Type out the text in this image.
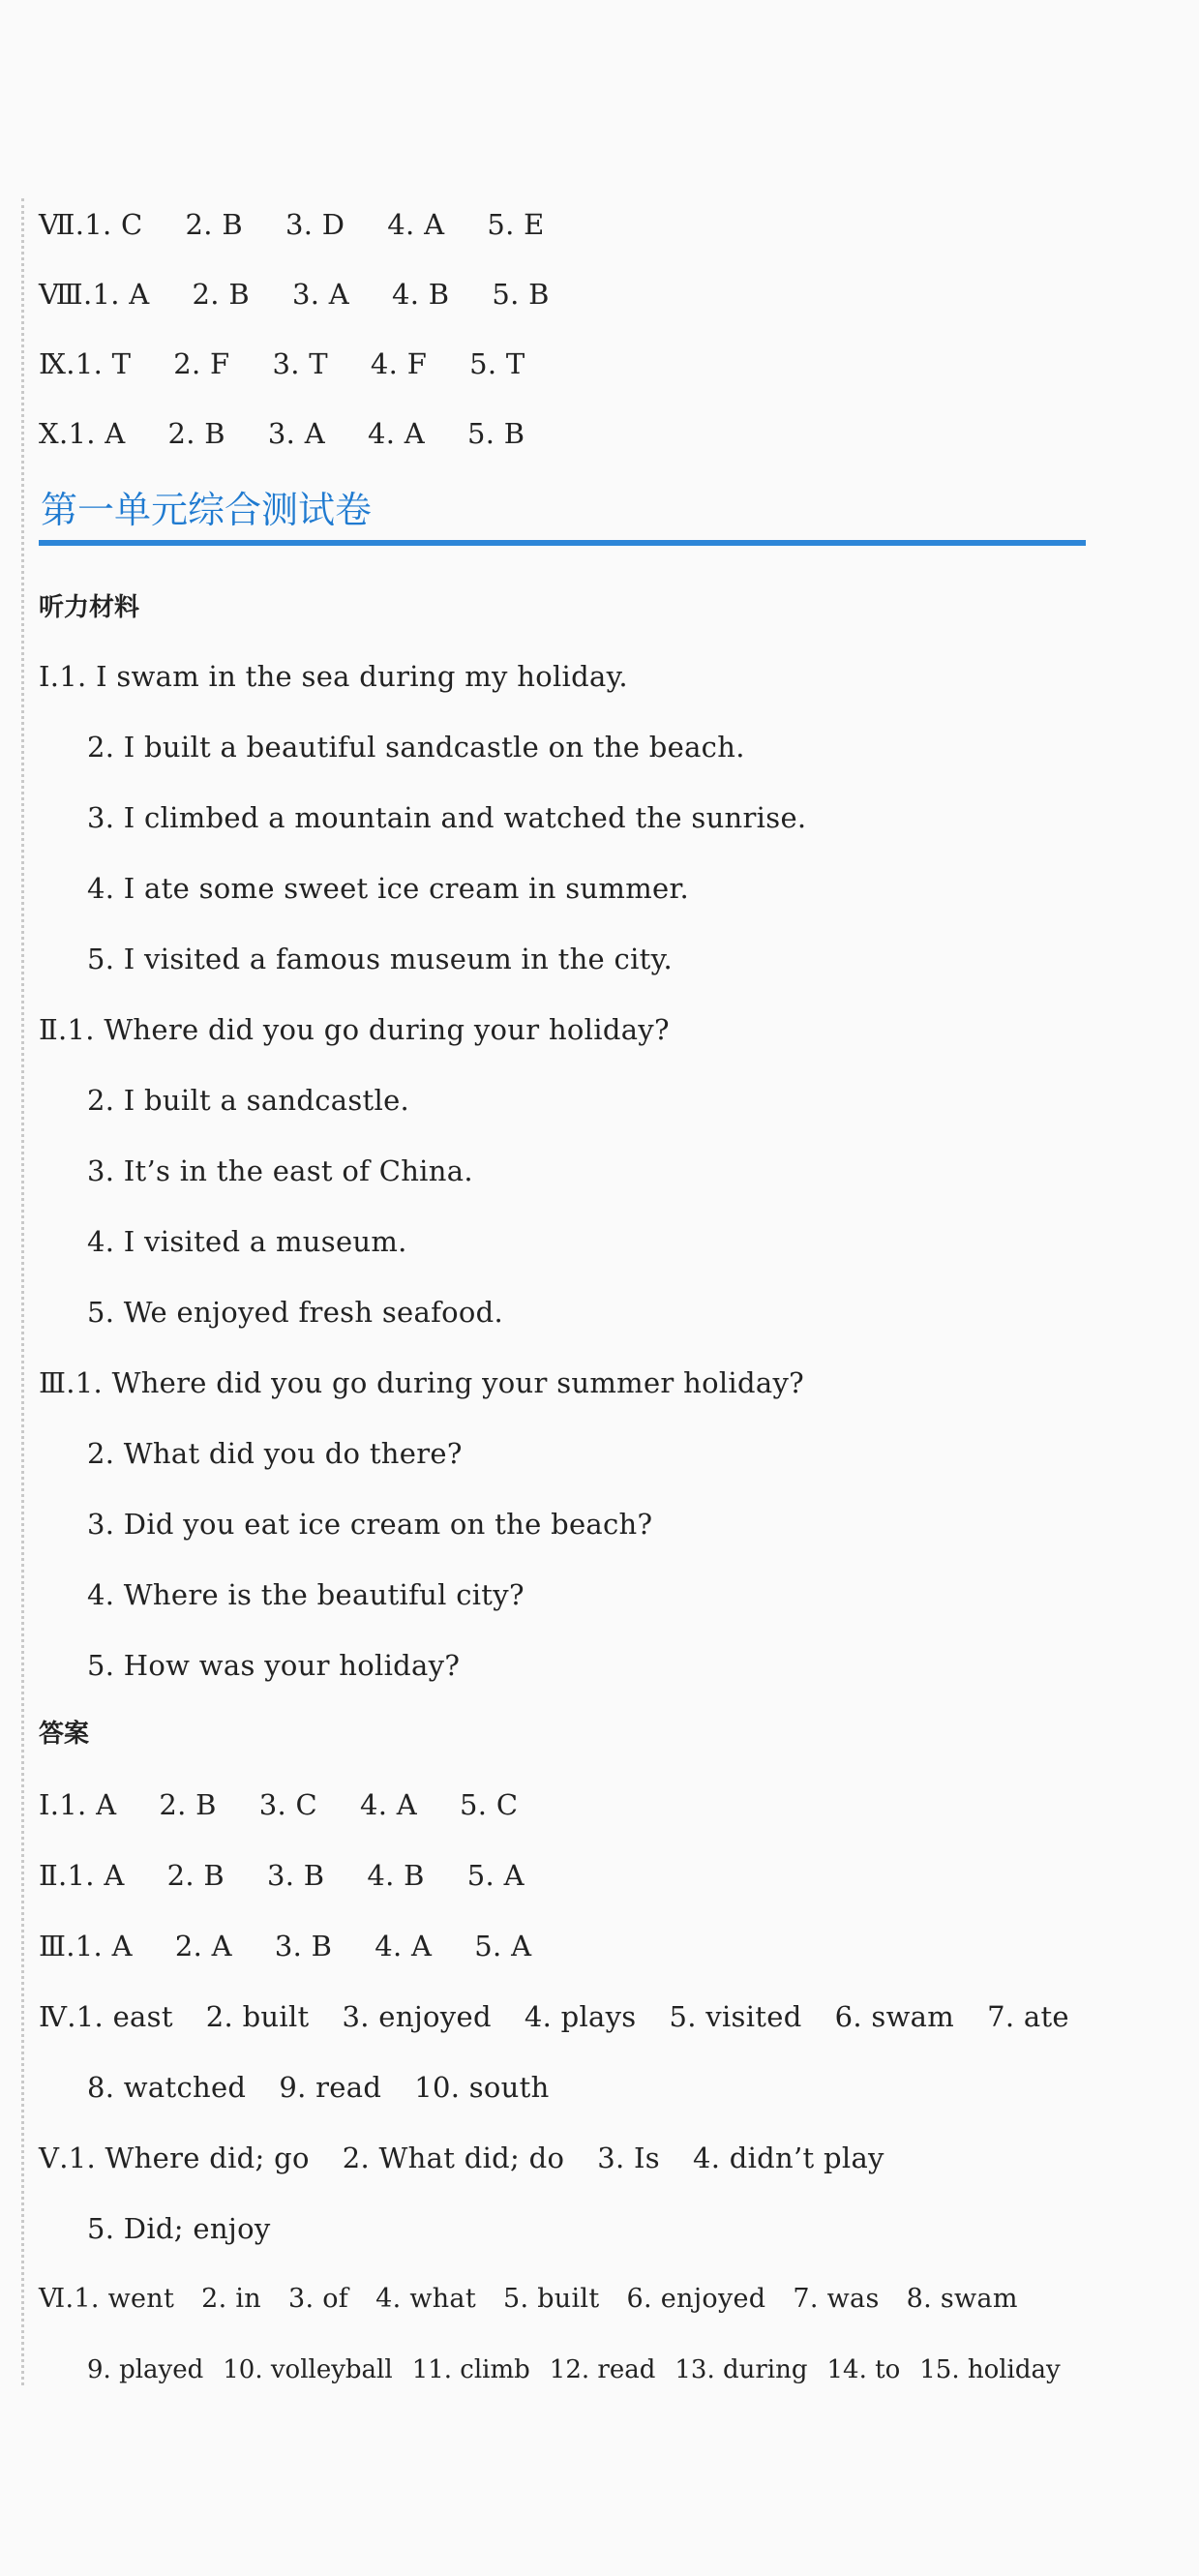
Ⅶ.1. C 2. B 3. D 4. A 5. E
Ⅷ.1. A 2. B 3. A 4. B 5. B
Ⅸ.1. T 2. F 3. T 4. F 5. T
Ⅹ.1. A 2. B 3. A 4. A 5. B
第一单元综合测试卷
听力材料
Ⅰ.1. I swam in the sea during my holiday.
2. I built a beautiful sandcastle on the beach.
3. I climbed a mountain and watched the sunrise.
4. I ate some sweet ice cream in summer.
5. I visited a famous museum in the city.
Ⅱ.1. Where did you go during your holiday?
2. I built a sandcastle.
3. It’s in the east of China.
4. I visited a museum.
5. We enjoyed fresh seafood.
Ⅲ.1. Where did you go during your summer holiday?
2. What did you do there?
3. Did you eat ice cream on the beach?
4. Where is the beautiful city?
5. How was your holiday?
答案
Ⅰ.1. A 2. B 3. C 4. A 5. C
Ⅱ.1. A 2. B 3. B 4. B 5. A
Ⅲ.1. A 2. A 3. B 4. A 5. A
Ⅳ.1. east 2. built 3. enjoyed 4. plays 5. visited 6. swam 7. ate
8. watched 9. read 10. south
Ⅴ.1. Where did; go 2. What did; do 3. Is 4. didn’t play
5. Did; enjoy
Ⅵ.1. went 2. in 3. of 4. what 5. built 6. enjoyed 7. was 8. swam
9. played 10. volleyball 11. climb 12. read 13. during 14. to 15. holiday
